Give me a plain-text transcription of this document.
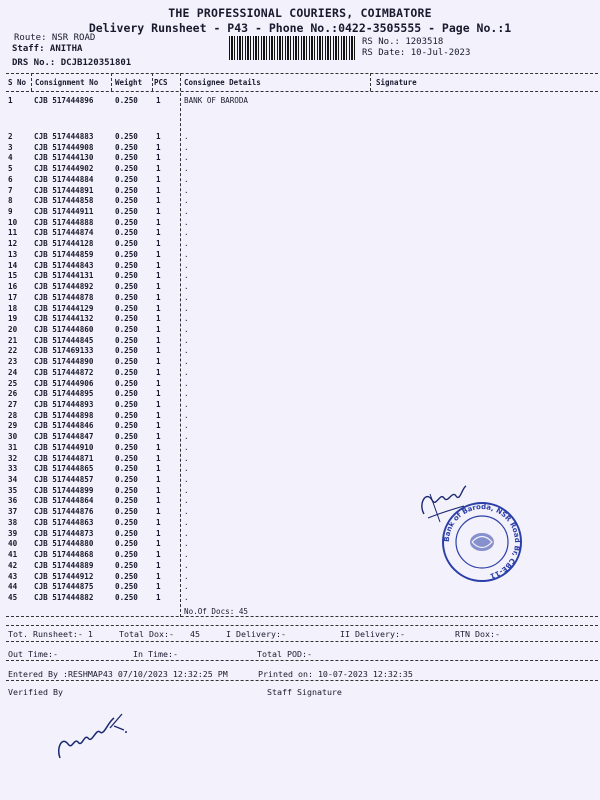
THE PROFESSIONAL COURIERS, COIMBATORE
Delivery Runsheet - P43 - Phone No.:0422-3505555 - Page No.:1
Route: NSR ROAD
Staff: ANITHA
DRS No.: DCJB120351801
RS No.: 1203518
RS Date: 10-Jul-2023
S No Consignment No Weight PCS Consignee Details	Signature
1	CJB 517444896	0.250 1	BANK OF BARODA
2	CJB 517444883	0.250 1	.
3	CJB 517444908	0.250 1	.
4	CJB 517444130	0.250 1	.
5	CJB 517444902	0.250 1	.
6	CJB 517444884	0.250 1	.
7	CJB 517444891	0.250 1	.
8	CJB 517444858	0.250 1	.
9	CJB 517444911	0.250 1	.
10 CJB 517444888	0.250 1	.
11 CJB 517444874	0.250 1	.
12 CJB 517444128	0.250 1	.
13 CJB 517444859	0.250 1	.
14 CJB 517444843	0.250 1	.
15 CJB 517444131	0.250 1	.
16 CJB 517444892	0.250 1	.
17 CJB 517444878	0.250 1	.
18 CJB 517444129	0.250 1	.
19 CJB 517444132	0.250 1	.
20 CJB 517444860	0.250 1	.
21 CJB 517444845	0.250 1	.
22 CJB 517469133	0.250 1	.
23 CJB 517444890	0.250 1	.
24 CJB 517444872	0.250 1	.
25 CJB 517444906	0.250 1	.
26 CJB 517444895	0.250 1	.
27 CJB 517444893	0.250 1	.
28 CJB 517444898	0.250 1	.
29 CJB 517444846	0.250 1	.
30 CJB 517444847	0.250 1	.
31 CJB 517444910	0.250 1	.
32 CJB 517444871	0.250 1	.
33 CJB 517444865	0.250 1	.
34 CJB 517444857	0.250 1	.
35 CJB 517444899	0.250 1	.
36 CJB 517444864	0.250 1	.
37 CJB 517444876	0.250 1	.
38 CJB 517444863	0.250 1	.
39 CJB 517444873	0.250 1	.
40 CJB 517444880	0.250 1	.
41 CJB 517444868	0.250 1	.
42 CJB 517444889	0.250 1	.
43 CJB 517444912	0.250 1	.
44 CJB 517444875	0.250 1	.
45 CJB 517444882	0.250 1	.
No.Of Docs: 45
Bank of Baroda, NSR Road Br, CBE-11
Tot. Runsheet:- 1	Total Dox:- 45	I Delivery:-	II Delivery:-	RTN Dox:-
Out Time:-	In Time:-	Total POD:-
Entered By :RESHMAP43 07/10/2023 12:32:25 PM	Printed on: 10-07-2023 12:32:35
Verified By	Staff Signature
